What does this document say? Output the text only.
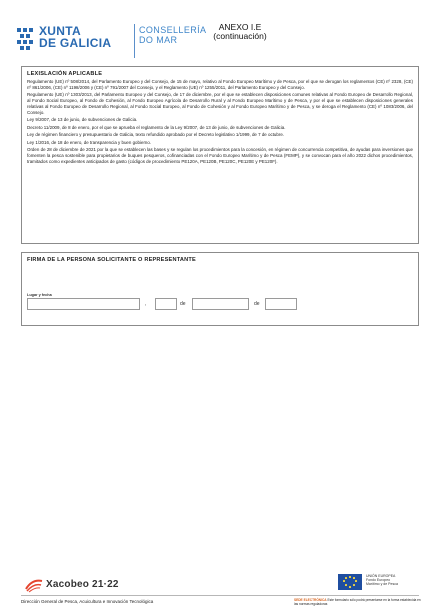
XUNTA
DE GALICIA
CONSELLERÍA
DO MAR
ANEXO I.E
(continuación)
LEXISLACIÓN APLICABLE

Regulamento (UE) nº 508/2014, del Parlamento Europeo y del Consejo, de 15 de mayo, relativo al Fondo Europeo Marítimo y de Pesca, por el que se derogan los reglamentos (CE) nº 2328, (CE) nº 861/2006, (CE) nº 1198/2006 y (CE) nº 791/2007 del Consejo, y el Reglamento (UE) nº 1255/2011, del Parlamento Europeo y del Consejo.

Regulamento (UE) nº 1303/2013, del Parlamento Europeo y del Consejo, de 17 de diciembre, por el que se establecen disposiciones comunes relativas al Fondo Europeo de Desarrollo Regional, al Fondo Social Europeo, al Fondo de Cohesión, al Fondo Europeo Agrícola de Desarrollo Rural y al Fondo Europeo Marítimo y de Pesca, y por el que se establecen disposiciones generales relativas al Fondo Europeo de Desarrollo Regional, al Fondo Social Europeo, al Fondo de Cohesión y al Fondo Europeo Marítimo y de Pesca, y se deroga el Reglamento (CE) nº 1083/2006, del Consejo.

Ley 9/2007, de 13 de junio, de subvenciones de Galicia.

Decreto 11/2009, de 8 de enero, por el que se aprueba el reglamento de la Ley 9/2007, de 13 de junio, de subvenciones de Galicia.

Ley de régimen financiero y presupuestario de Galicia, texto refundido aprobado por el Decreto legislativo 1/1999, de 7 de octubre.

Ley 1/2016, de 18 de enero, de transparencia y buen gobierno.

Orden de 28 de diciembre de 2021 por la que se establecen las bases y se regulan los procedimientos para la concesión, en régimen de concurrencia competitiva, de ayudas para inversiones que fomenten la pesca sostenible para propietarios de buques pesqueros, cofinanciadas con el Fondo Europeo Marítimo y de Pesca (FEMP), y se convocan para el año 2022 dichos procedimientos, tramitados como expedientes anticipados de gasto (códigos de procedimiento PE120A, PE120B, PE120C, PE120E y PE120F).

FIRMA DE LA PERSONA SOLICITANTE O REPRESENTANTE
Lugar y fecha
,	de	de
Xacobeo 21·22
UNIÓN EUROPEA
Fondo Europeo
Marítimo y de Pesca
Dirección General de Pesca, Acuicultura e Innovación Tecnológica	SEDE ELECTRÓNICA Este formulario sólo podrá presentarse en la forma establecida en las normas reguladoras
